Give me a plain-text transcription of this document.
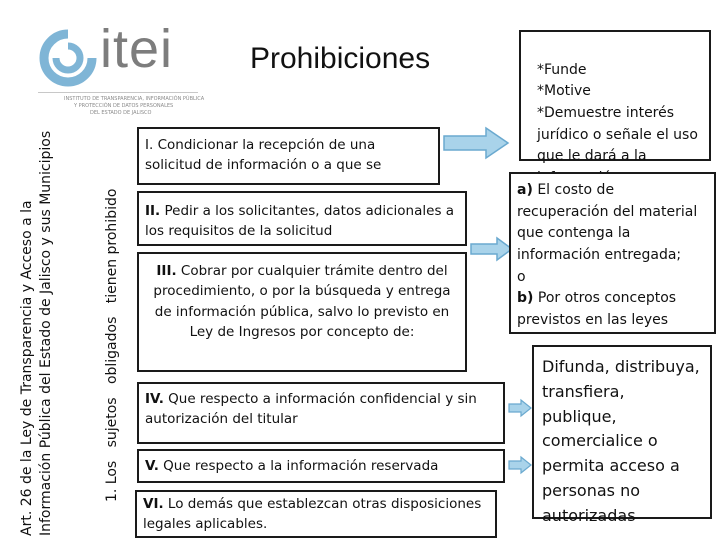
itei
INSTITUTO DE TRANSPARENCIA, INFORMACIÓN PÚBLICA
Y PROTECCIÓN DE DATOS PERSONALES
DEL ESTADO DE JALISCO
Prohibiciones
Art. 26 de la Ley de Transparencia y Acceso a la Información Pública del Estado de Jalisco y sus Municipios	1. Los   sujetos   obligados   tienen prohibido
I. Condicionar la recepción de una solicitud de información o a que se
II. Pedir a los solicitantes, datos adicionales a los requisitos de la solicitud
III. Cobrar por cualquier trámite dentro del procedimiento, o por la búsqueda y entrega de información pública, salvo lo previsto en Ley de Ingresos por concepto de:
IV. Que respecto a información confidencial y sin autorización del titular
V. Que respecto a la información reservada
VI. Lo demás que establezcan otras disposiciones legales aplicables.

*Funde
*Motive
*Demuestre interés jurídico o señale el uso que le dará a la

a) El costo de recuperación del material que contenga la información entregada;
o
b) Por otros conceptos previstos en las leyes
Difunda, distribuya, transfiera, publique, comercialice o permita acceso a personas no autorizadas
